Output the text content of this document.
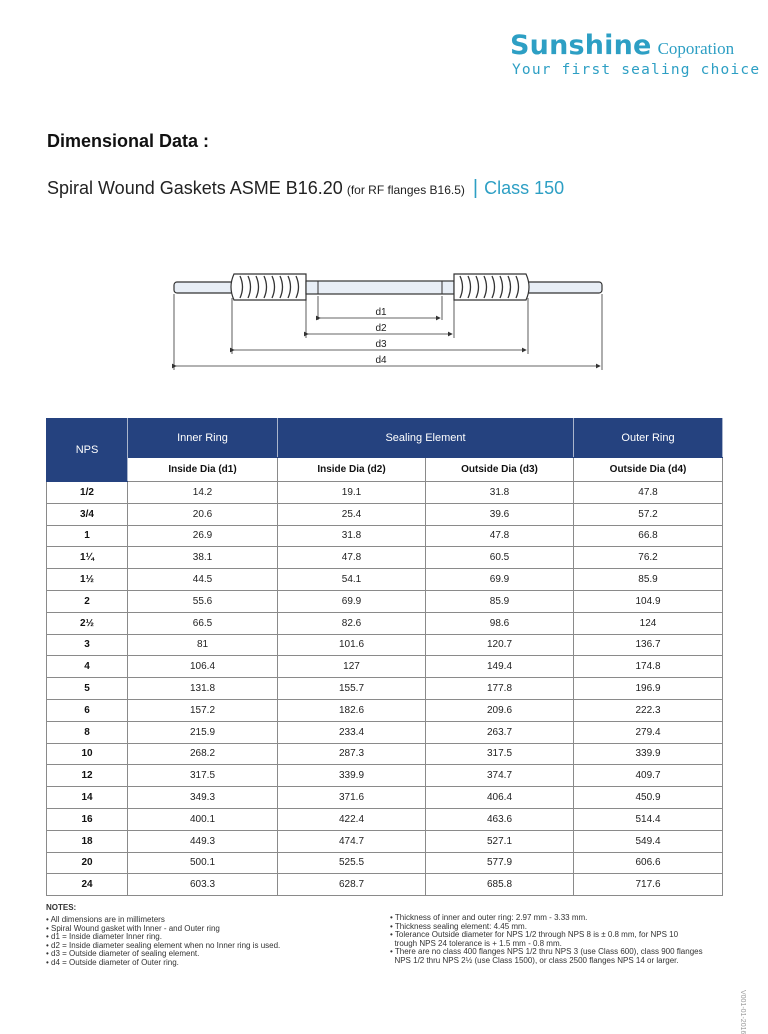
Sunshine Coporation
Your first sealing choice
Dimensional Data :
Spiral Wound Gaskets ASME B16.20 (for RF flanges B16.5) | Class 150
d1
d2
d3
d4
NPS	Inner Ring	Sealing Element		Outer Ring
	Inside Dia (d1)	Inside Dia (d2)	Outside Dia (d3)	Outside Dia (d4)
1/2	14.2	19.1	31.8	47.8
3/4	20.6	25.4	39.6	57.2
1	26.9	31.8	47.8	66.8
1¼	38.1	47.8	60.5	76.2
1½	44.5	54.1	69.9	85.9
2	55.6	69.9	85.9	104.9
2½	66.5	82.6	98.6	124
3	81	101.6	120.7	136.7
4	106.4	127	149.4	174.8
5	131.8	155.7	177.8	196.9
6	157.2	182.6	209.6	222.3
8	215.9	233.4	263.7	279.4
10	268.2	287.3	317.5	339.9
12	317.5	339.9	374.7	409.7
14	349.3	371.6	406.4	450.9
16	400.1	422.4	463.6	514.4
18	449.3	474.7	527.1	549.4
20	500.1	525.5	577.9	606.6
24	603.3	628.7	685.8	717.6
NOTES:
• All dimensions are in millimeters
• Spiral Wound gasket with Inner - and Outer ring
• d1 = Inside diameter Inner ring.
• d2 = Inside diameter sealing element when no Inner ring is used.
• d3 = Outside diameter of sealing element.
• d4 = Outside diameter of Outer ring.
• Thickness of inner and outer ring: 2.97 mm - 3.33 mm.
• Thickness sealing element: 4.45 mm.
• Tolerance Outside diameter for NPS 1/2 through NPS 8 is ± 0.8 mm, for NPS 10
trough NPS 24 tolerance is + 1.5 mm - 0.8 mm.
• There are no class 400 flanges NPS 1/2 thru NPS 3 (use Class 600), class 900 flanges
NPS 1/2 thru NPS 2½ (use Class 1500), or class 2500 flanges NPS 14 or larger.
V001-01-2016
